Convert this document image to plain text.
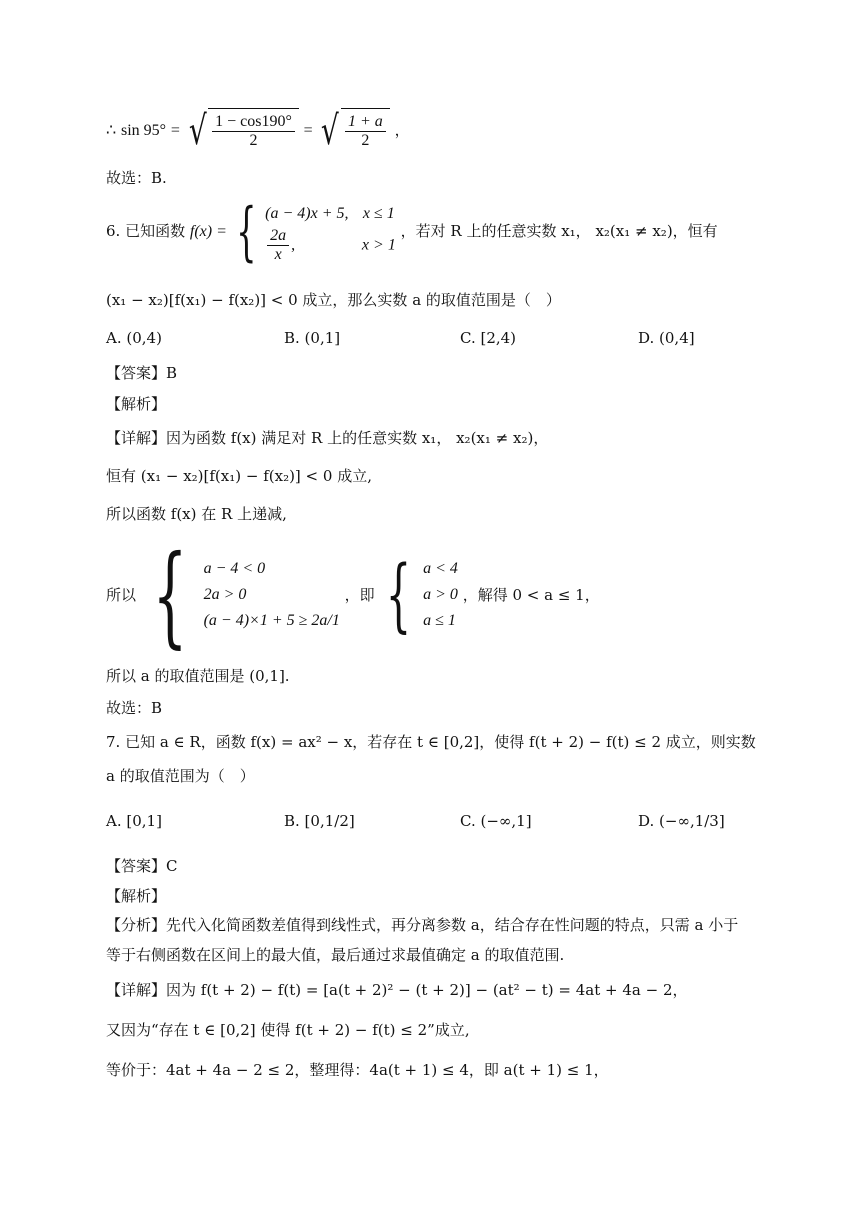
∴ sin 95° = √ $\frac{1 - \cos 190^\circ}{2}$ = √ $\frac{1 + a}{2}$ ，
故选：B.
6. 已知函数 f(x) = { (a − 4)x + 5, x ≤ 1
$\frac{2a}{x}$ ,	x > 1
，若对 R 上的任意实数 x₁， x₂(x₁ ≠ x₂)，恒有
(x₁ − x₂)[f(x₁) − f(x₂)] < 0 成立，那么实数 a 的取值范围是（　）
A. (0,4)	B. (0,1]	C. [2,4)	D. (0,4]
【答案】B
【解析】
【详解】因为函数 f(x) 满足对 R 上的任意实数 x₁， x₂(x₁ ≠ x₂)，
恒有 (x₁ − x₂)[f(x₁) − f(x₂)] < 0 成立,
所以函数 f(x) 在 R 上递减,
所以 { a − 4 < 0
2a > 0
(a − 4)×1 + 5 ≥ 2a/1
，即 { a < 4
a > 0
a ≤ 1
，解得 0 < a ≤ 1，
所以 a 的取值范围是 (0,1].
故选：B
7. 已知 a ∈ R，函数 f(x) = ax² − x，若存在 t ∈ [0,2]，使得 f(t + 2) − f(t) ≤ 2 成立，则实数
a 的取值范围为（　）
A. [0,1]	B. [0,1/2]	C. (−∞,1]	D. (−∞,1/3]
【答案】C
【解析】
【分析】先代入化简函数差值得到线性式，再分离参数 a，结合存在性问题的特点，只需 a 小于
等于右侧函数在区间上的最大值，最后通过求最值确定 a 的取值范围.
【详解】因为 f(t + 2) − f(t) = [a(t + 2)² − (t + 2)] − (at² − t) = 4at + 4a − 2，
又因为“存在 t ∈ [0,2] 使得 f(t + 2) − f(t) ≤ 2”成立,
等价于：4at + 4a − 2 ≤ 2，整理得：4a(t + 1) ≤ 4，即 a(t + 1) ≤ 1，
